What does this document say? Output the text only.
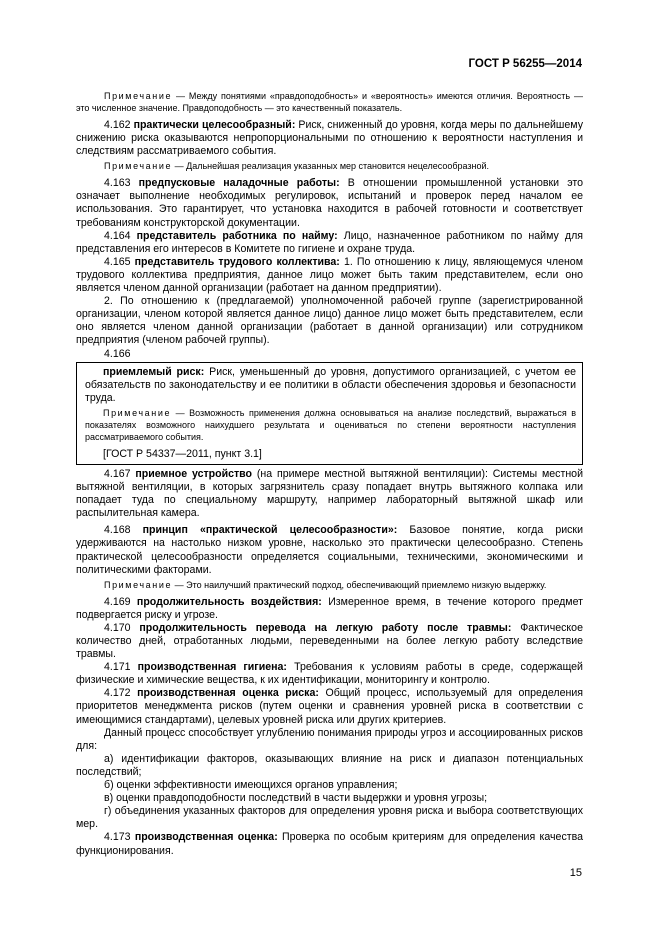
ГОСТ Р 56255—2014

Примечание — Между понятиями «правдоподобность» и «вероятность» имеются отличия. Вероятность — это численное значение. Правдоподобность — это качественный показатель.

4.162 практически целесообразный: Риск, сниженный до уровня, когда меры по дальнейшему снижению риска оказываются непропорциональными по отношению к вероятности наступления и следствиям рассматриваемого события.

Примечание — Дальнейшая реализация указанных мер становится нецелесообразной.

4.163 предпусковые наладочные работы: В отношении промышленной установки это означает выполнение необходимых регулировок, испытаний и проверок перед началом ее использования. Это гарантирует, что установка находится в рабочей готовности и соответствует требованиям конструкторской документации.

4.164 представитель работника по найму: Лицо, назначенное работником по найму для представления его интересов в Комитете по гигиене и охране труда.

4.165 представитель трудового коллектива: 1. По отношению к лицу, являющемуся членом трудового коллектива предприятия, данное лицо может быть таким представителем, если оно является членом данной организации (работает на данном предприятии).

2. По отношению к (предлагаемой) уполномоченной рабочей группе (зарегистрированной организации, членом которой является данное лицо) данное лицо может быть представителем, если оно является членом данной организации (работает в данной организации) или сотрудником предприятия (членом рабочей группы).

4.166

приемлемый риск: Риск, уменьшенный до уровня, допустимого организацией, с учетом ее обязательств по законодательству и ее политики в области обеспечения здоровья и безопасности труда.

Примечание — Возможность применения должна основываться на анализе последствий, выражаться в показателях возможного наихудшего результата и оцениваться по степени вероятности наступления рассматриваемого события.

[ГОСТ Р 54337—2011, пункт 3.1]

4.167 приемное устройство (на примере местной вытяжной вентиляции): Системы местной вытяжной вентиляции, в которых загрязнитель сразу попадает внутрь вытяжного колпака или попадает туда по специальному маршруту, например лабораторный вытяжной шкаф или распылительная камера.

4.168 принцип «практической целесообразности»: Базовое понятие, когда риски удерживаются на настолько низком уровне, насколько это практически целесообразно. Степень практической целесообразности определяется социальными, техническими, экономическими и политическими факторами.

Примечание — Это наилучший практический подход, обеспечивающий приемлемо низкую выдержку.

4.169 продолжительность воздействия: Измеренное время, в течение которого предмет подвергается риску и угрозе.

4.170 продолжительность перевода на легкую работу после травмы: Фактическое количество дней, отработанных людьми, переведенными на более легкую работу вследствие травмы.

4.171 производственная гигиена: Требования к условиям работы в среде, содержащей физические и химические вещества, к их идентификации, мониторингу и контролю.

4.172 производственная оценка риска: Общий процесс, используемый для определения приоритетов менеджмента рисков (путем оценки и сравнения уровней риска в соответствии с имеющимися стандартами), целевых уровней риска или других критериев.

Данный процесс способствует углублению понимания природы угроз и ассоциированных рисков для:

а) идентификации факторов, оказывающих влияние на риск и диапазон потенциальных последствий;

б) оценки эффективности имеющихся органов управления;

в) оценки правдоподобности последствий в части выдержки и уровня угрозы;

г) объединения указанных факторов для определения уровня риска и выбора соответствующих мер.

4.173 производственная оценка: Проверка по особым критериям для определения качества функционирования.

15
